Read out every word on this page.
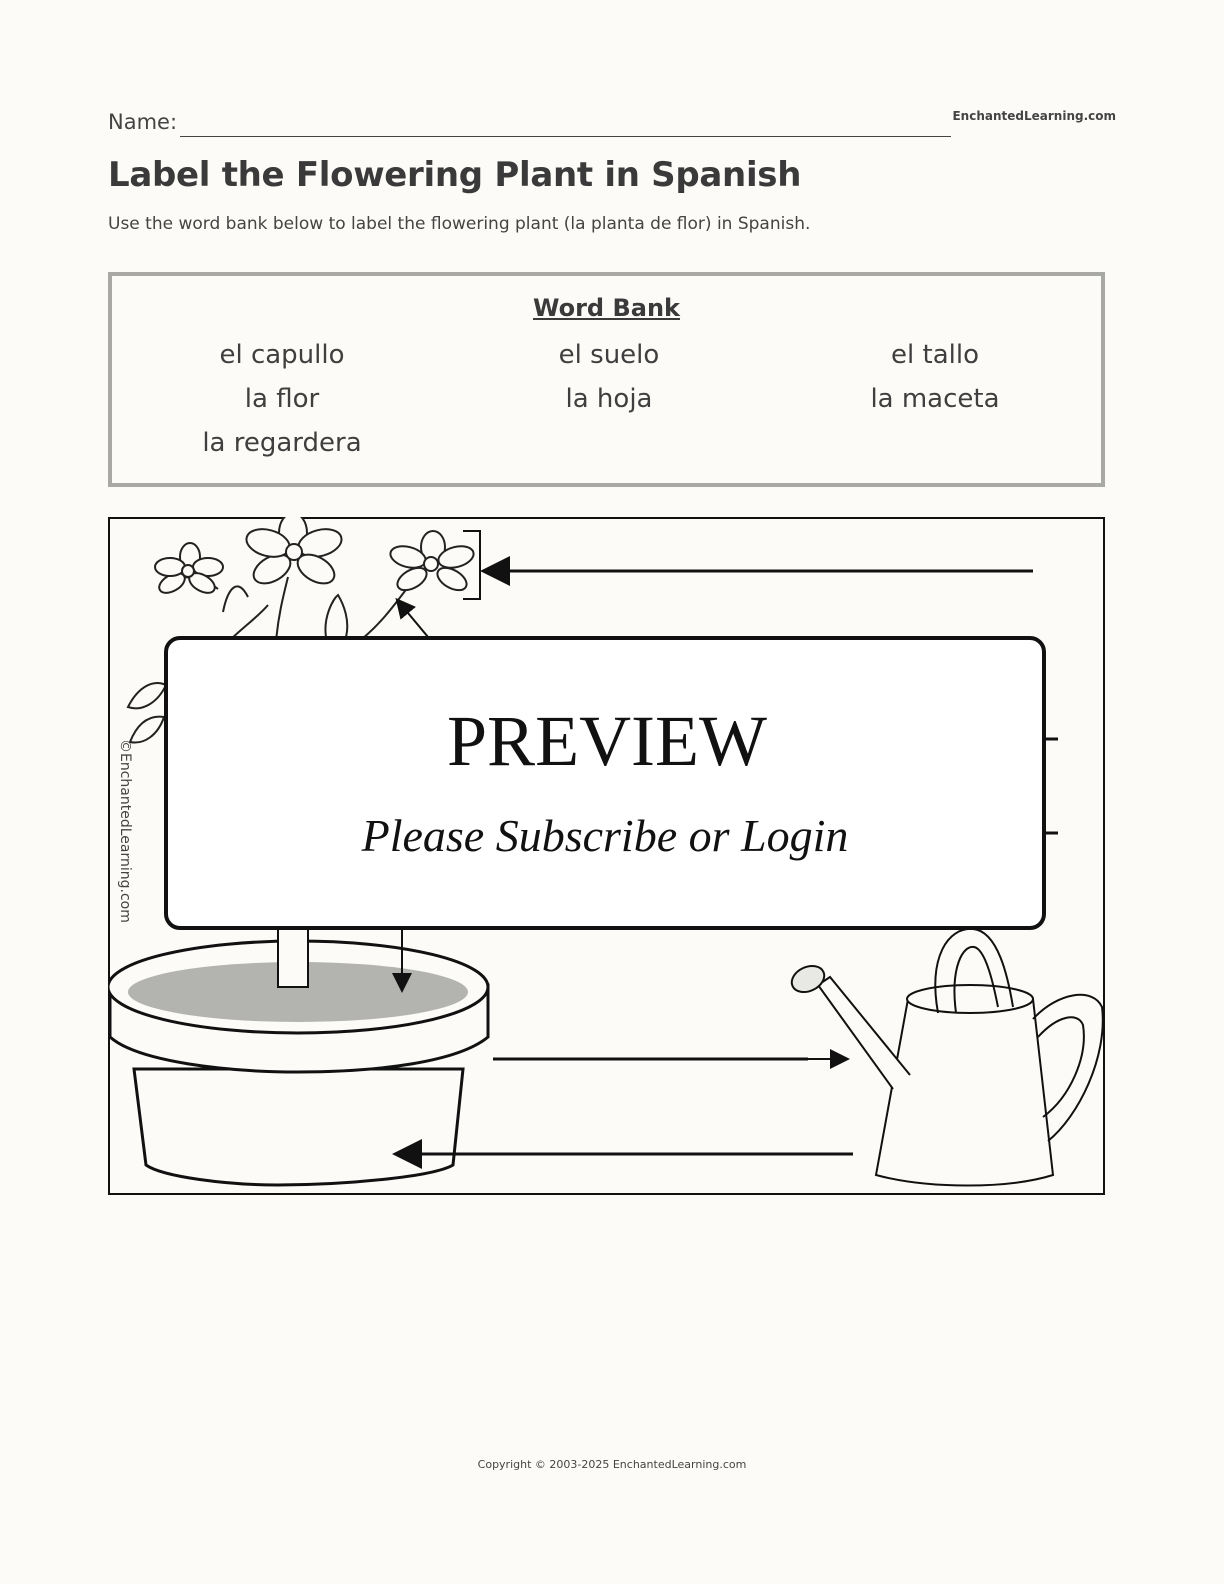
Name:	EnchantedLearning.com
Label the Flowering Plant in Spanish
Use the word bank below to label the flowering plant (la planta de flor) in Spanish.
Word Bank
el capullo	el suelo	el tallo
la flor	la hoja	la maceta
la regardera
©EnchantedLearning.com	PREVIEW
Please Subscribe or Login
Copyright © 2003-2025 EnchantedLearning.com
